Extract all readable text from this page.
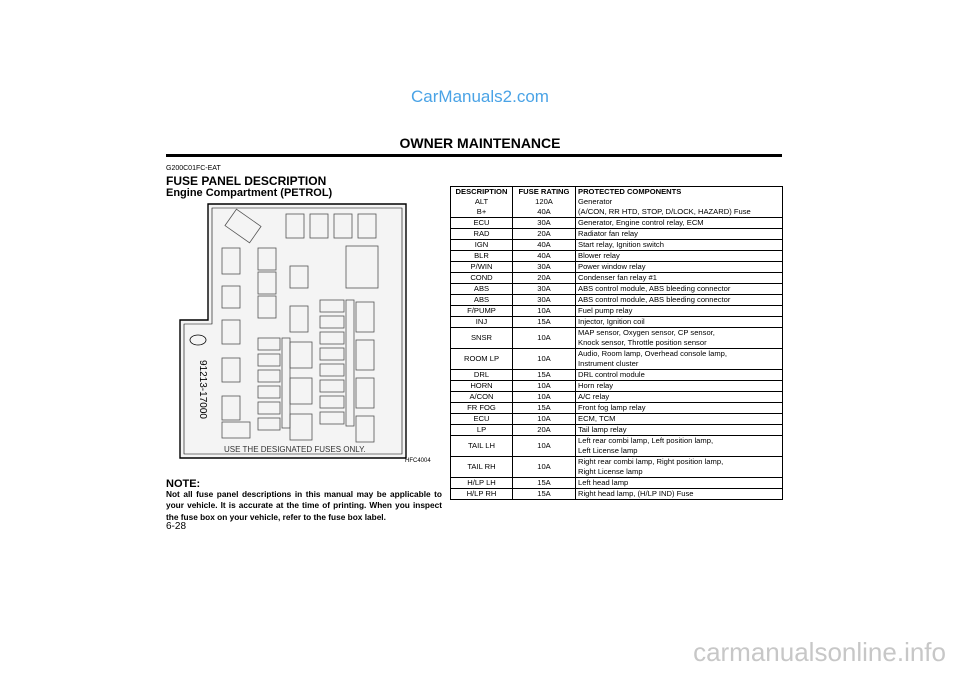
CarManuals2.com
OWNER MAINTENANCE
G200C01FC-EAT
FUSE PANEL DESCRIPTION
Engine Compartment (PETROL)
91213-17000
USE THE DESIGNATED FUSES ONLY.
HFC4004
NOTE:
Not all fuse panel descriptions in this manual may be applicable to your vehicle. It is accurate at the time of printing. When you inspect the fuse box on your vehicle, refer to the fuse box label.
6-28
DESCRIPTION	FUSE RATING	PROTECTED COMPONENTS
ALT	120A	Generator

B+	40A	(A/CON, RR HTD, STOP, D/LOCK, HAZARD) Fuse

ECU	30A	Generator, Engine control relay, ECM

RAD	20A	Radiator fan relay

IGN	40A	Start relay, Ignition switch

BLR	40A	Blower relay

P/WIN	30A	Power window relay

COND	20A	Condenser fan relay #1

ABS	30A	ABS control module, ABS bleeding connector

ABS	30A	ABS control module, ABS bleeding connector

F/PUMP	10A	Fuel pump relay

INJ	15A	Injector, Ignition coil

SNSR	10A	MAP sensor, Oxygen sensor, CP sensor,
Knock sensor, Throttle position sensor

ROOM LP	10A	Audio, Room lamp, Overhead console lamp,
Instrument cluster

DRL	15A	DRL control module

HORN	10A	Horn relay

A/CON	10A	A/C relay

FR FOG	15A	Front fog lamp relay

ECU	10A	ECM, TCM

LP	20A	Tail lamp relay

TAIL LH	10A	Left rear combi lamp, Left position lamp,
Left License lamp

TAIL RH	10A	Right rear combi lamp, Right position lamp,
Right License lamp

H/LP LH	15A	Left head lamp

H/LP RH	15A	Right head lamp, (H/LP IND) Fuse
carmanualsonline.info
